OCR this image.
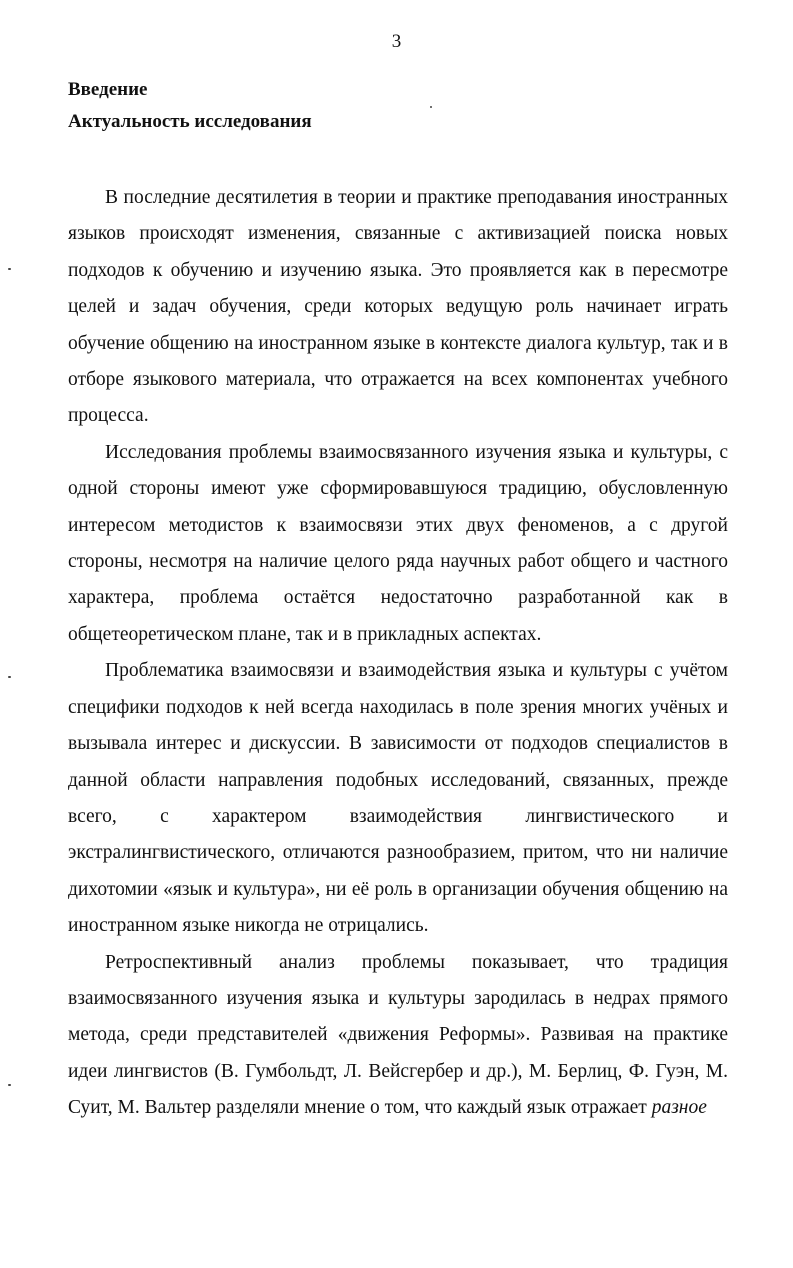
3
Введение
Актуальность исследования

В последние десятилетия в теории и практике преподавания иностранных языков происходят изменения, связанные с активизацией поиска новых подходов к обучению и изучению языка. Это проявляется как в пересмотре целей и задач обучения, среди которых ведущую роль начинает играть обучение общению на иностранном языке в контексте диалога культур, так и в отборе языкового материала, что отражается на всех компонентах учебного процесса.

Исследования проблемы взаимосвязанного изучения языка и культуры, с одной стороны имеют уже сформировавшуюся традицию, обусловленную интересом методистов к взаимосвязи этих двух феноменов, а с другой стороны, несмотря на наличие целого ряда научных работ общего и частного характера, проблема остаётся недостаточно разработанной как в общетеоретическом плане, так и в прикладных аспектах.

Проблематика взаимосвязи и взаимодействия языка и культуры с учётом специфики подходов к ней всегда находилась в поле зрения многих учёных и вызывала интерес и дискуссии. В зависимости от подходов специалистов в данной области направления подобных исследований, связанных, прежде всего, с характером взаимодействия лингвистического и экстралингвистического, отличаются разнообразием, притом, что ни наличие дихотомии «язык и культура», ни её роль в организации обучения общению на иностранном языке никогда не отрицались.

Ретроспективный анализ проблемы показывает, что традиция взаимосвязанного изучения языка и культуры зародилась в недрах прямого метода, среди представителей «движения Реформы». Развивая на практике идеи лингвистов (В. Гумбольдт, Л. Вейсгербер и др.), М. Берлиц, Ф. Гуэн, М. Суит, М. Вальтер разделяли мнение о том, что каждый язык отражает разное
